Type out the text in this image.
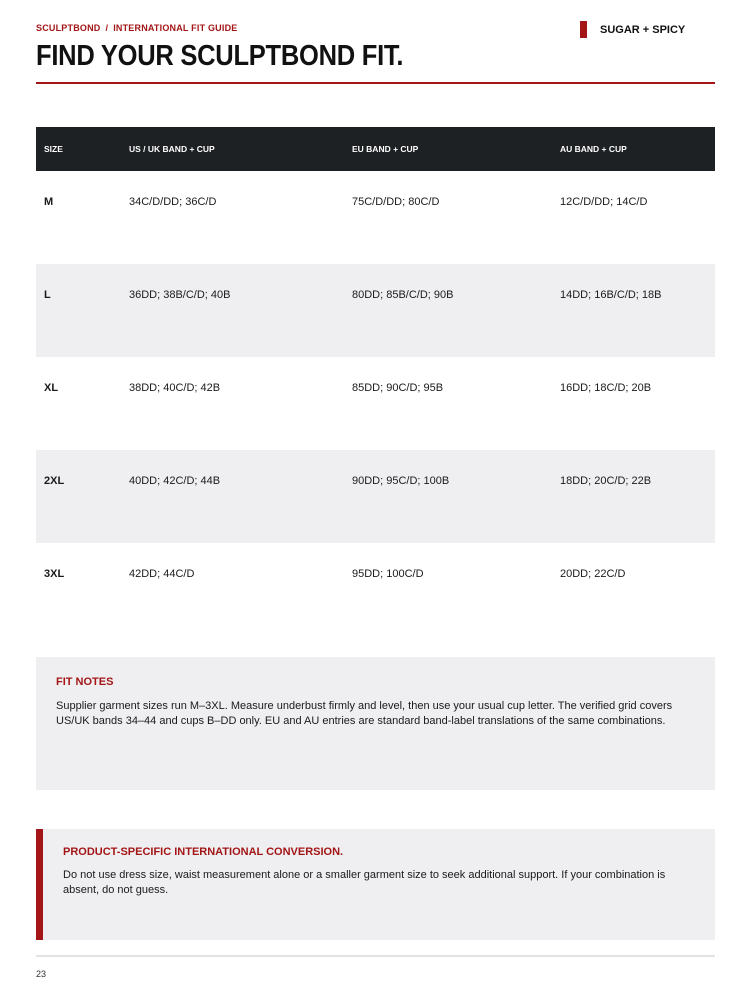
SCULPTBOND / INTERNATIONAL FIT GUIDE	SUGAR + SPICY
FIND YOUR SCULPTBOND FIT.
SIZE	US / UK BAND + CUP	EU BAND + CUP	AU BAND + CUP
M	34C/D/DD; 36C/D	75C/D/DD; 80C/D	12C/D/DD; 14C/D
L	36DD; 38B/C/D; 40B	80DD; 85B/C/D; 90B	14DD; 16B/C/D; 18B
XL	38DD; 40C/D; 42B	85DD; 90C/D; 95B	16DD; 18C/D; 20B
2XL	40DD; 42C/D; 44B	90DD; 95C/D; 100B	18DD; 20C/D; 22B
3XL	42DD; 44C/D	95DD; 100C/D	20DD; 22C/D
FIT NOTES

Supplier garment sizes run M–3XL. Measure underbust firmly and level, then use your usual cup letter. The verified grid covers US/UK bands 34–44 and cups B–DD only. EU and AU entries are standard band-label translations of the same combinations.

PRODUCT-SPECIFIC INTERNATIONAL CONVERSION.

Do not use dress size, waist measurement alone or a smaller garment size to seek additional support. If your combination is absent, do not guess.

23
